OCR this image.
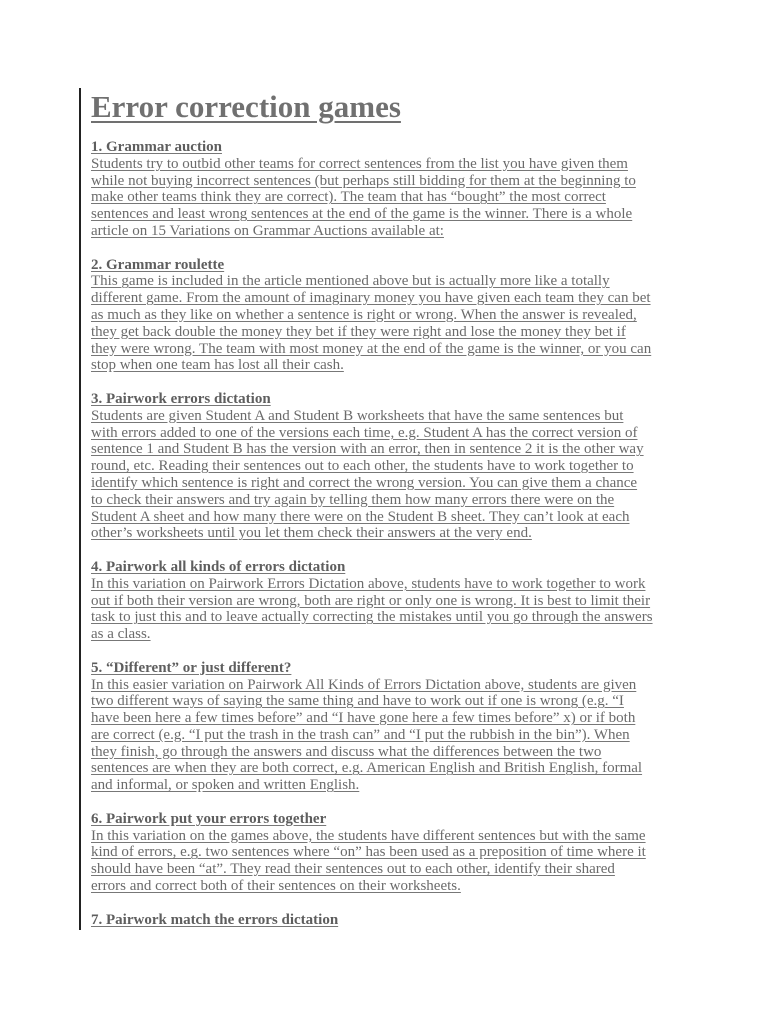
Error correction games
1. Grammar auction
Students try to outbid other teams for correct sentences from the list you have given them
while not buying incorrect sentences (but perhaps still bidding for them at the beginning to
make other teams think they are correct). The team that has “bought” the most correct
sentences and least wrong sentences at the end of the game is the winner. There is a whole
article on 15 Variations on Grammar Auctions available at:
2. Grammar roulette
This game is included in the article mentioned above but is actually more like a totally
different game. From the amount of imaginary money you have given each team they can bet
as much as they like on whether a sentence is right or wrong. When the answer is revealed,
they get back double the money they bet if they were right and lose the money they bet if
they were wrong. The team with most money at the end of the game is the winner, or you can
stop when one team has lost all their cash.
3. Pairwork errors dictation
Students are given Student A and Student B worksheets that have the same sentences but
with errors added to one of the versions each time, e.g. Student A has the correct version of
sentence 1 and Student B has the version with an error, then in sentence 2 it is the other way
round, etc. Reading their sentences out to each other, the students have to work together to
identify which sentence is right and correct the wrong version. You can give them a chance
to check their answers and try again by telling them how many errors there were on the
Student A sheet and how many there were on the Student B sheet. They can’t look at each
other’s worksheets until you let them check their answers at the very end.
4. Pairwork all kinds of errors dictation
In this variation on Pairwork Errors Dictation above, students have to work together to work
out if both their version are wrong, both are right or only one is wrong. It is best to limit their
task to just this and to leave actually correcting the mistakes until you go through the answers
as a class.
5. “Different” or just different?
In this easier variation on Pairwork All Kinds of Errors Dictation above, students are given
two different ways of saying the same thing and have to work out if one is wrong (e.g. “I
have been here a few times before” and “I have gone here a few times before” x) or if both
are correct (e.g. “I put the trash in the trash can” and “I put the rubbish in the bin”). When
they finish, go through the answers and discuss what the differences between the two
sentences are when they are both correct, e.g. American English and British English, formal
and informal, or spoken and written English.
6. Pairwork put your errors together
In this variation on the games above, the students have different sentences but with the same
kind of errors, e.g. two sentences where “on” has been used as a preposition of time where it
should have been “at”. They read their sentences out to each other, identify their shared
errors and correct both of their sentences on their worksheets.
7. Pairwork match the errors dictation
